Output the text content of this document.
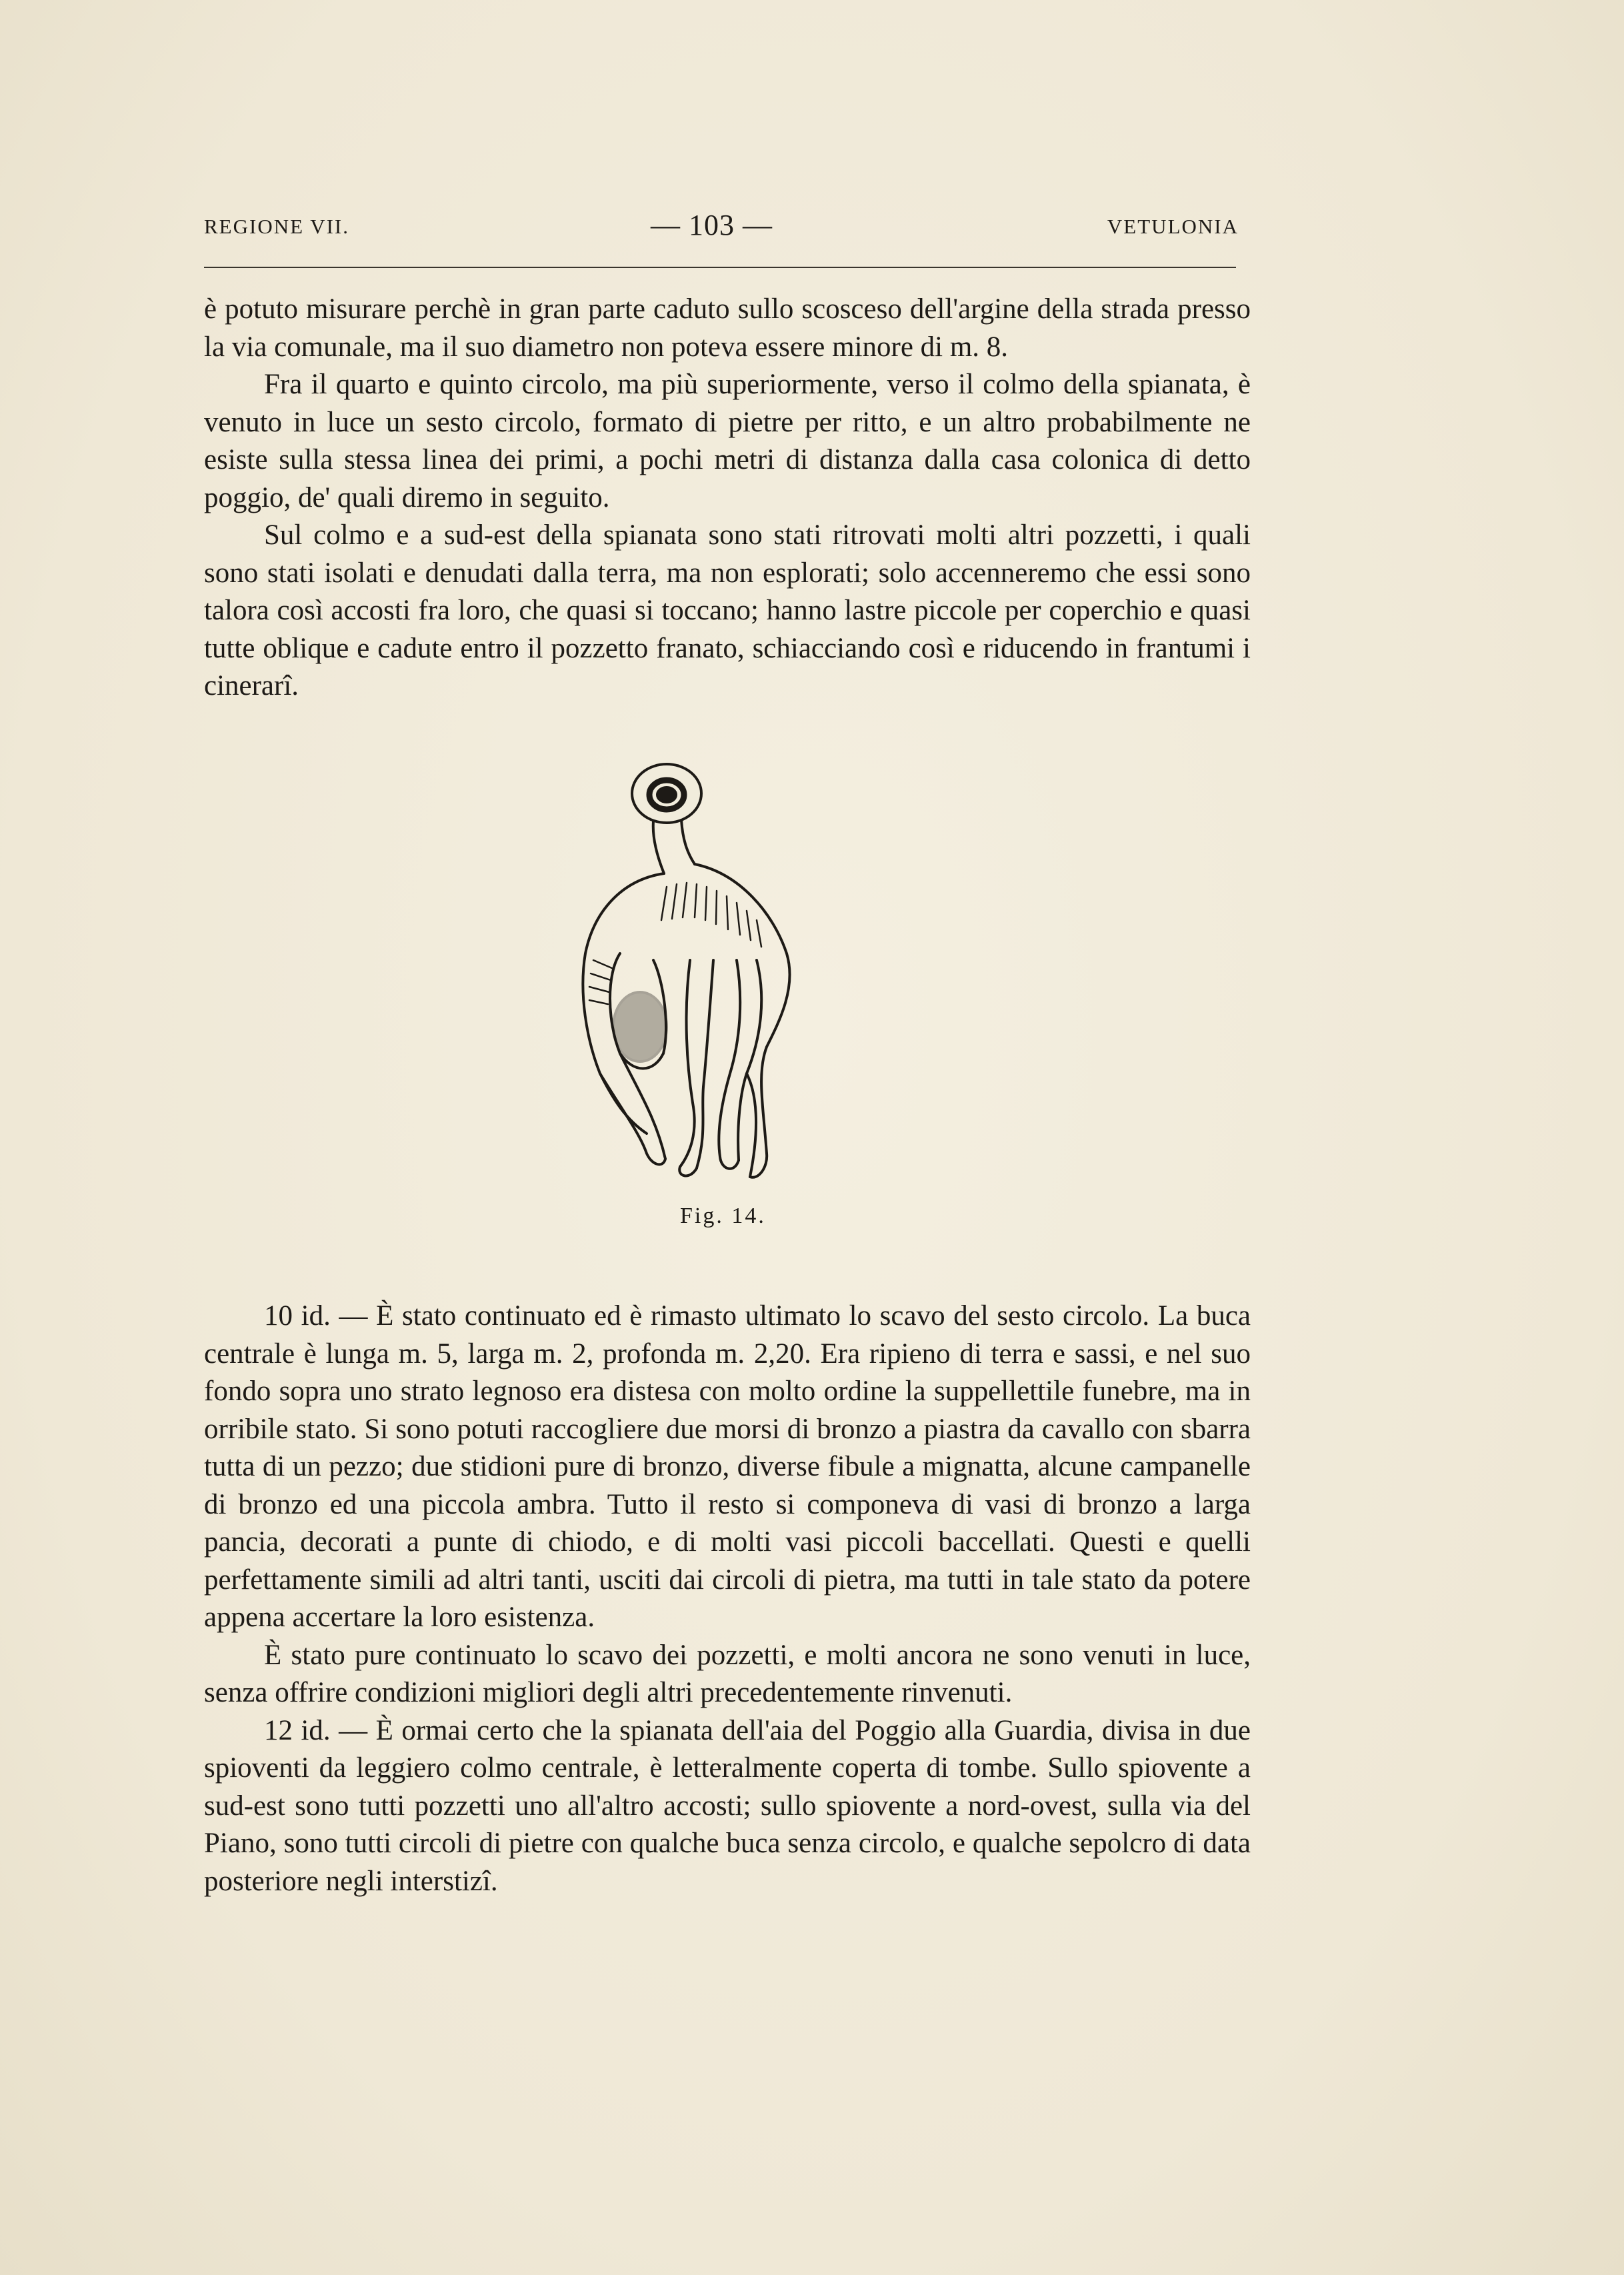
REGIONE VII.	— 103 —	VETULONIA

è potuto misurare perchè in gran parte caduto sullo scosceso dell'argine della strada presso la via comunale, ma il suo diametro non poteva essere minore di m. 8.

Fra il quarto e quinto circolo, ma più superiormente, verso il colmo della spianata, è venuto in luce un sesto circolo, formato di pietre per ritto, e un altro probabilmente ne esiste sulla stessa linea dei primi, a pochi metri di distanza dalla casa colonica di detto poggio, de' quali diremo in seguito.

Sul colmo e a sud-est della spianata sono stati ritrovati molti altri pozzetti, i quali sono stati isolati e denudati dalla terra, ma non esplorati; solo accenneremo che essi sono talora così accosti fra loro, che quasi si toccano; hanno lastre piccole per coperchio e quasi tutte oblique e cadute entro il pozzetto franato, schiacciando così e riducendo in frantumi i cinerarî.

Fig. 14.

10 id. — È stato continuato ed è rimasto ultimato lo scavo del sesto circolo. La buca centrale è lunga m. 5, larga m. 2, profonda m. 2,20. Era ripieno di terra e sassi, e nel suo fondo sopra uno strato legnoso era distesa con molto ordine la suppellettile funebre, ma in orribile stato. Si sono potuti raccogliere due morsi di bronzo a piastra da cavallo con sbarra tutta di un pezzo; due stidioni pure di bronzo, diverse fibule a mignatta, alcune campanelle di bronzo ed una piccola ambra. Tutto il resto si componeva di vasi di bronzo a larga pancia, decorati a punte di chiodo, e di molti vasi piccoli baccellati. Questi e quelli perfettamente simili ad altri tanti, usciti dai circoli di pietra, ma tutti in tale stato da potere appena accertare la loro esistenza.

È stato pure continuato lo scavo dei pozzetti, e molti ancora ne sono venuti in luce, senza offrire condizioni migliori degli altri precedentemente rinvenuti.

12 id. — È ormai certo che la spianata dell'aia del Poggio alla Guardia, divisa in due spioventi da leggiero colmo centrale, è letteralmente coperta di tombe. Sullo spiovente a sud-est sono tutti pozzetti uno all'altro accosti; sullo spiovente a nord-ovest, sulla via del Piano, sono tutti circoli di pietre con qualche buca senza circolo, e qualche sepolcro di data posteriore negli interstizî.
